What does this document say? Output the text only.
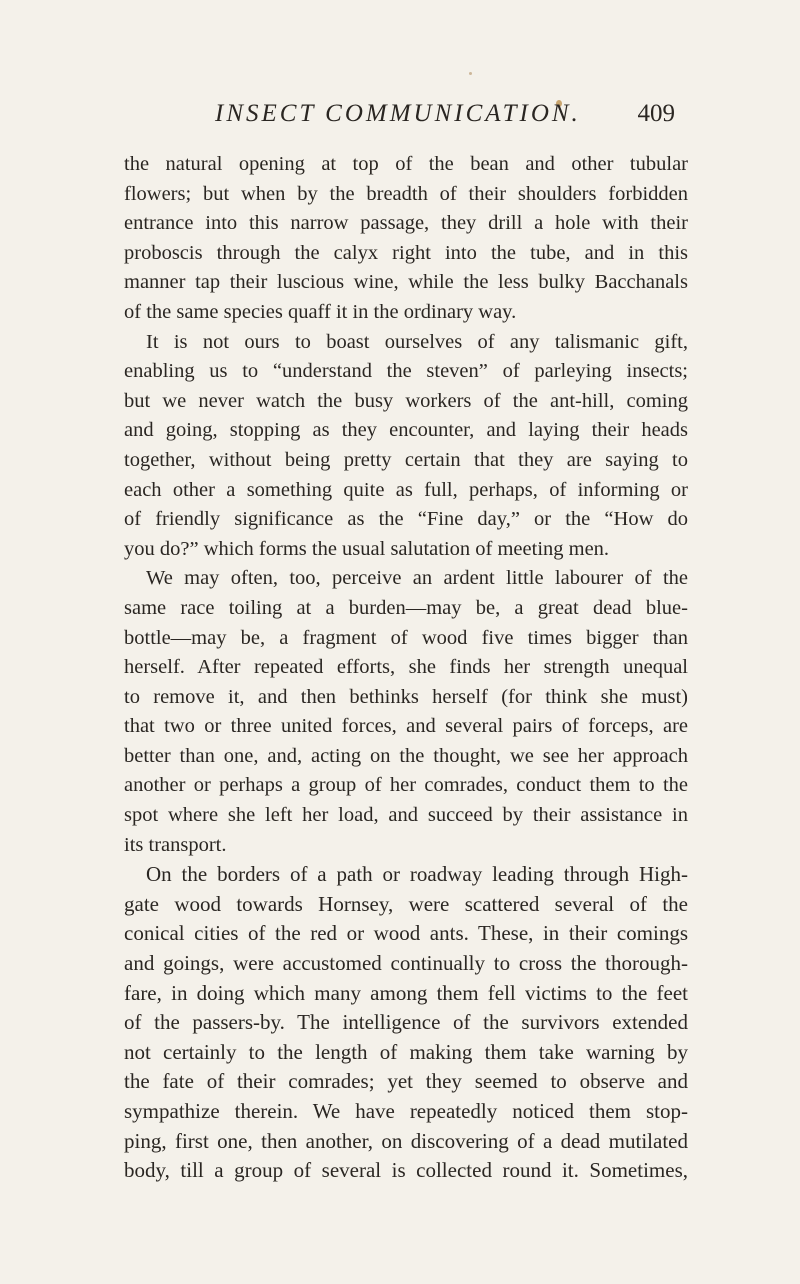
INSECT COMMUNICATION. 409
the natural opening at top of the bean and other tubular
flowers; but when by the breadth of their shoulders forbidden
entrance into this narrow passage, they drill a hole with their
proboscis through the calyx right into the tube, and in this
manner tap their luscious wine, while the less bulky Bacchanals
of the same species quaff it in the ordinary way.
It is not ours to boast ourselves of any talismanic gift,
enabling us to “understand the steven” of parleying insects;
but we never watch the busy workers of the ant-hill, coming
and going, stopping as they encounter, and laying their heads
together, without being pretty certain that they are saying to
each other a something quite as full, perhaps, of informing or
of friendly significance as the “Fine day,” or the “How do
you do?” which forms the usual salutation of meeting men.
We may often, too, perceive an ardent little labourer of the
same race toiling at a burden—may be, a great dead blue-
bottle—may be, a fragment of wood five times bigger than
herself. After repeated efforts, she finds her strength unequal
to remove it, and then bethinks herself (for think she must)
that two or three united forces, and several pairs of forceps, are
better than one, and, acting on the thought, we see her approach
another or perhaps a group of her comrades, conduct them to the
spot where she left her load, and succeed by their assistance in
its transport.
On the borders of a path or roadway leading through High-
gate wood towards Hornsey, were scattered several of the
conical cities of the red or wood ants. These, in their comings
and goings, were accustomed continually to cross the thorough-
fare, in doing which many among them fell victims to the feet
of the passers-by. The intelligence of the survivors extended
not certainly to the length of making them take warning by
the fate of their comrades; yet they seemed to observe and
sympathize therein. We have repeatedly noticed them stop-
ping, first one, then another, on discovering of a dead mutilated
body, till a group of several is collected round it. Sometimes,
